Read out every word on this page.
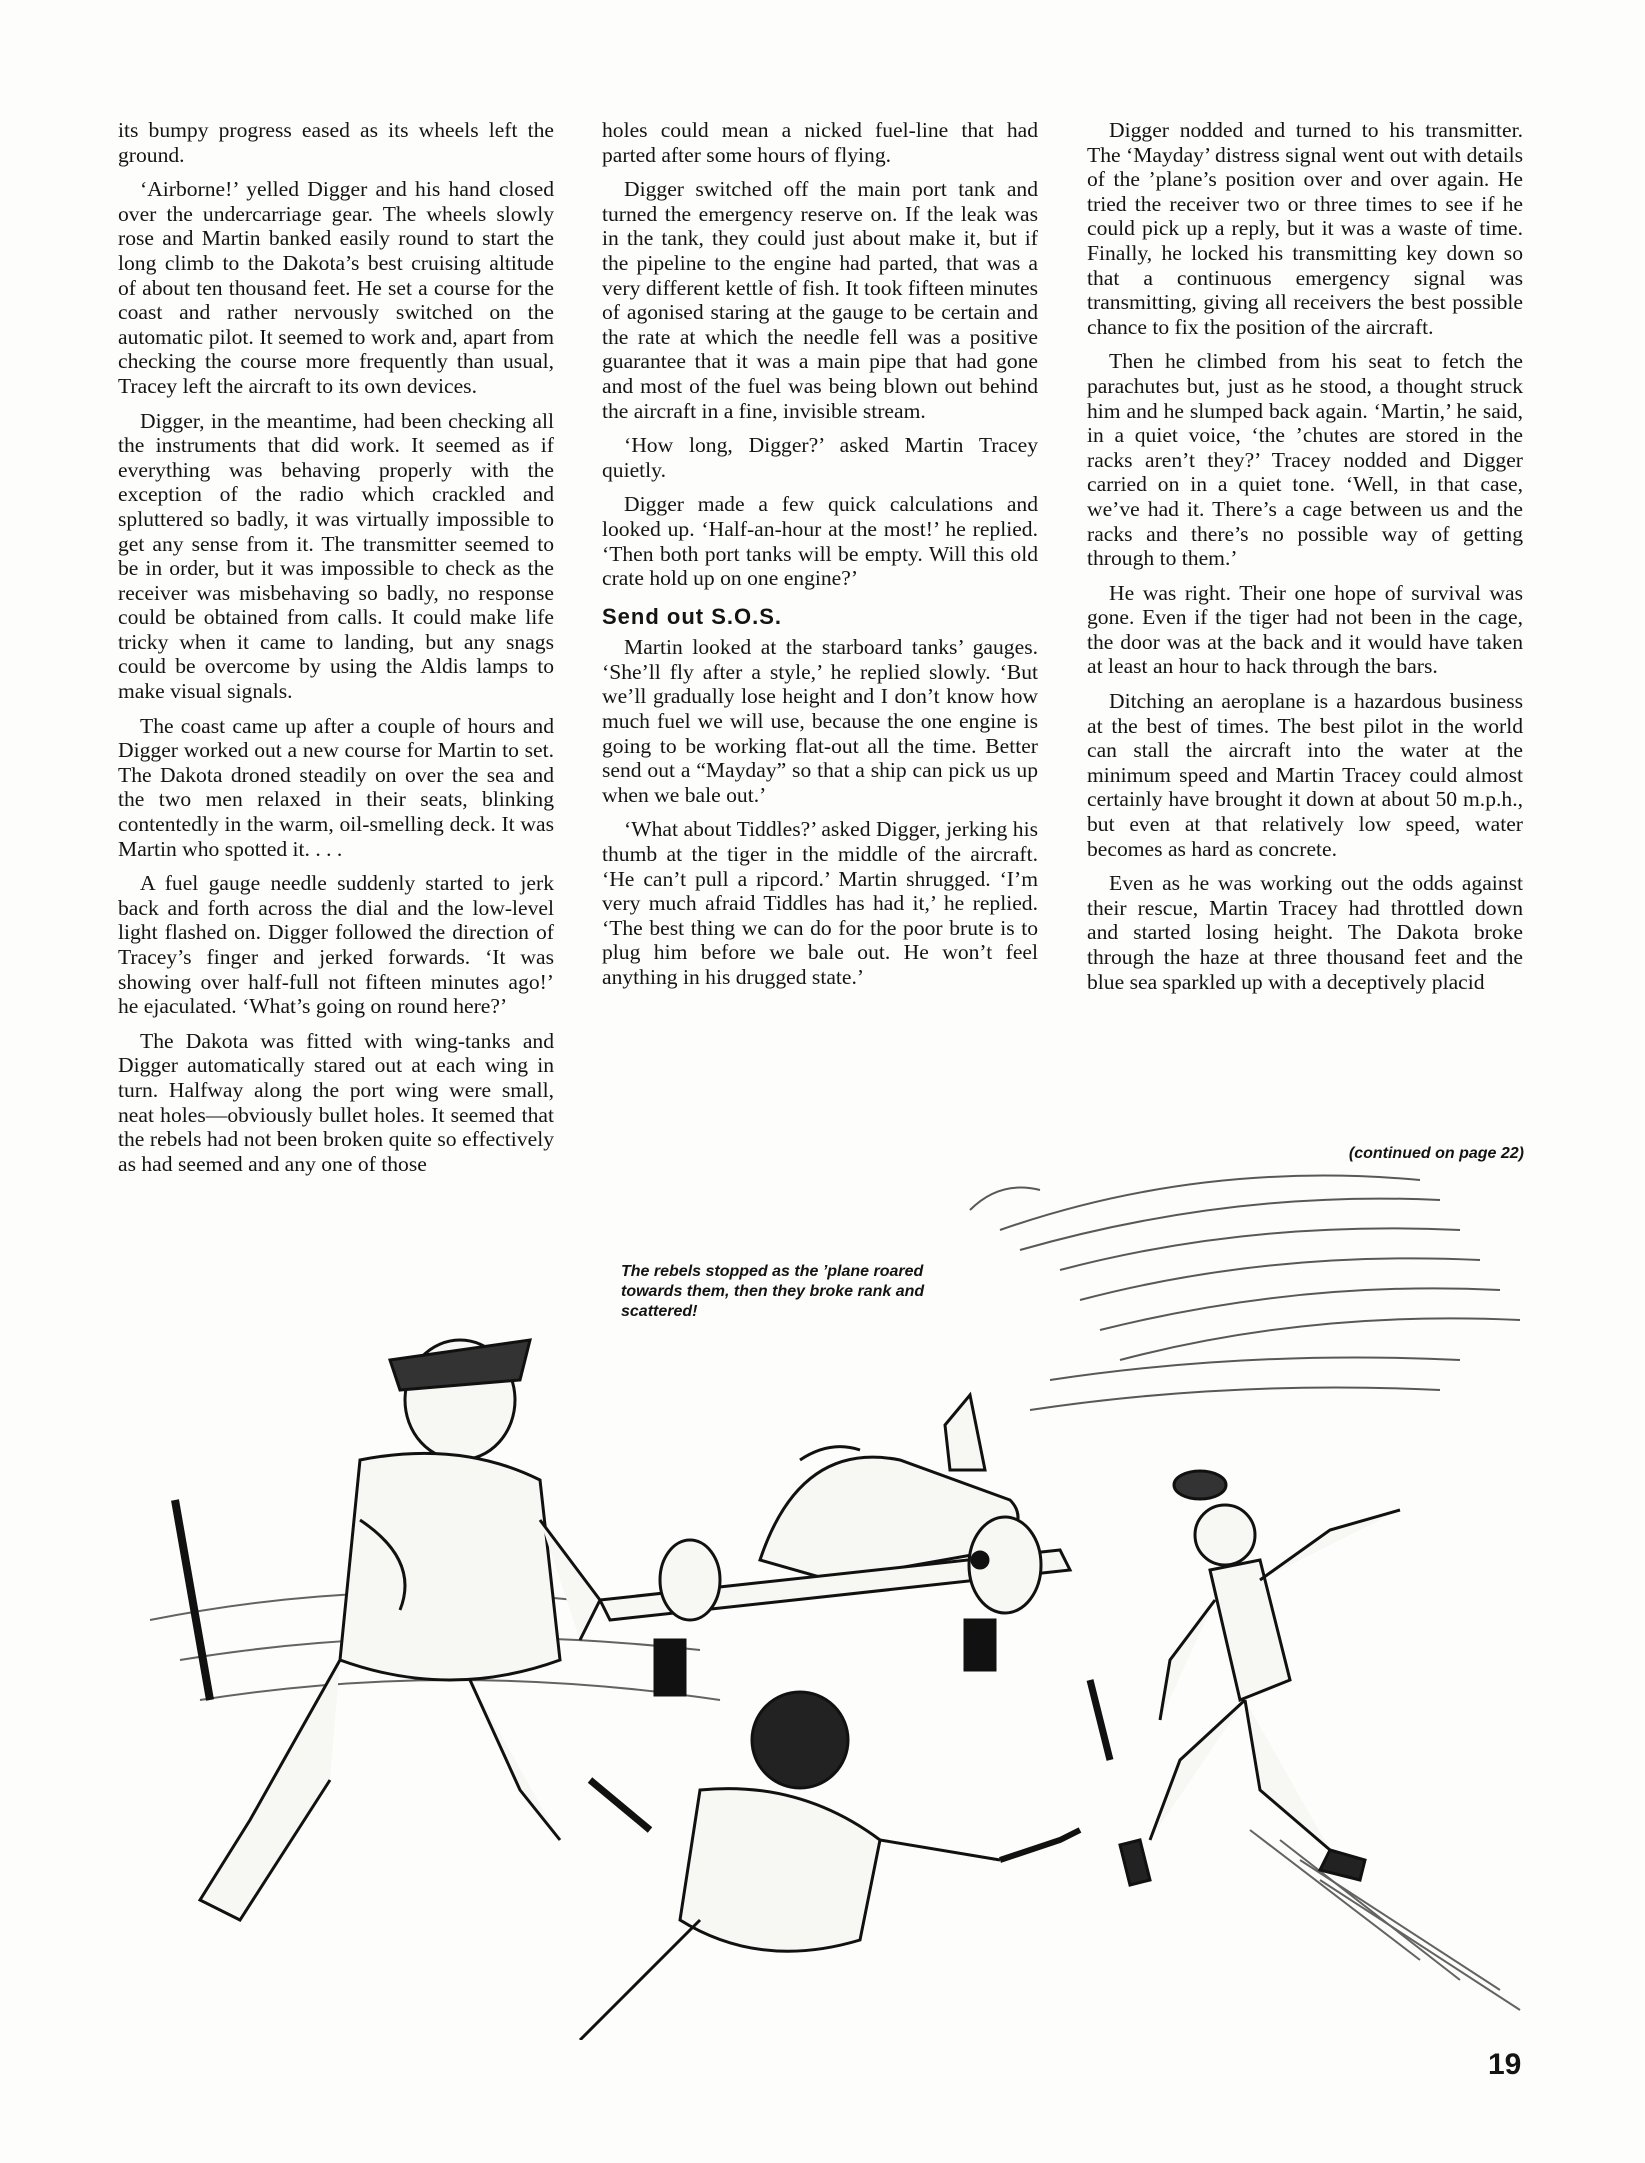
its bumpy progress eased as its wheels left the ground.

‘Airborne!’ yelled Digger and his hand closed over the undercarriage gear. The wheels slowly rose and Martin banked easily round to start the long climb to the Dakota’s best cruising altitude of about ten thousand feet. He set a course for the coast and rather nervously switched on the automatic pilot. It seemed to work and, apart from checking the course more frequently than usual, Tracey left the aircraft to its own devices.

Digger, in the meantime, had been checking all the instruments that did work. It seemed as if everything was behaving properly with the exception of the radio which crackled and spluttered so badly, it was virtually impossible to get any sense from it. The transmitter seemed to be in order, but it was impossible to check as the receiver was misbehaving so badly, no response could be obtained from calls. It could make life tricky when it came to landing, but any snags could be overcome by using the Aldis lamps to make visual signals.

The coast came up after a couple of hours and Digger worked out a new course for Martin to set. The Dakota droned steadily on over the sea and the two men relaxed in their seats, blinking contentedly in the warm, oil-smelling deck. It was Martin who spotted it. . . .

A fuel gauge needle suddenly started to jerk back and forth across the dial and the low-level light flashed on. Digger followed the direction of Tracey’s finger and jerked forwards. ‘It was showing over half-full not fifteen minutes ago!’ he ejaculated. ‘What’s going on round here?’

The Dakota was fitted with wing-tanks and Digger automatically stared out at each wing in turn. Halfway along the port wing were small, neat holes—obviously bullet holes. It seemed that the rebels had not been broken quite so effectively as had seemed and any one of those

holes could mean a nicked fuel-line that had parted after some hours of flying.

Digger switched off the main port tank and turned the emergency reserve on. If the leak was in the tank, they could just about make it, but if the pipeline to the engine had parted, that was a very different kettle of fish. It took fifteen minutes of agonised staring at the gauge to be certain and the rate at which the needle fell was a positive guarantee that it was a main pipe that had gone and most of the fuel was being blown out behind the aircraft in a fine, invisible stream.

‘How long, Digger?’ asked Martin Tracey quietly.

Digger made a few quick calculations and looked up. ‘Half-an-hour at the most!’ he replied. ‘Then both port tanks will be empty. Will this old crate hold up on one engine?’

Send out S.O.S.

Martin looked at the starboard tanks’ gauges. ‘She’ll fly after a style,’ he replied slowly. ‘But we’ll gradually lose height and I don’t know how much fuel we will use, because the one engine is going to be working flat-out all the time. Better send out a “Mayday” so that a ship can pick us up when we bale out.’

‘What about Tiddles?’ asked Digger, jerking his thumb at the tiger in the middle of the aircraft. ‘He can’t pull a ripcord.’ Martin shrugged. ‘I’m very much afraid Tiddles has had it,’ he replied. ‘The best thing we can do for the poor brute is to plug him before we bale out. He won’t feel anything in his drugged state.’

Digger nodded and turned to his transmitter. The ‘Mayday’ distress signal went out with details of the ’plane’s position over and over again. He tried the receiver two or three times to see if he could pick up a reply, but it was a waste of time. Finally, he locked his transmitting key down so that a continuous emergency signal was transmitting, giving all receivers the best possible chance to fix the position of the aircraft.

Then he climbed from his seat to fetch the parachutes but, just as he stood, a thought struck him and he slumped back again. ‘Martin,’ he said, in a quiet voice, ‘the ’chutes are stored in the racks aren’t they?’ Tracey nodded and Digger carried on in a quiet tone. ‘Well, in that case, we’ve had it. There’s a cage between us and the racks and there’s no possible way of getting through to them.’

He was right. Their one hope of survival was gone. Even if the tiger had not been in the cage, the door was at the back and it would have taken at least an hour to hack through the bars.

Ditching an aeroplane is a hazardous business at the best of times. The best pilot in the world can stall the aircraft into the water at the minimum speed and Martin Tracey could almost certainly have brought it down at about 50 m.p.h., but even at that relatively low speed, water becomes as hard as concrete.

Even as he was working out the odds against their rescue, Martin Tracey had throttled down and started losing height. The Dakota broke through the haze at three thousand feet and the blue sea sparkled up with a deceptively placid

(continued on page 22)
The rebels stopped as the ’plane roared towards them, then they broke rank and scattered!
19
